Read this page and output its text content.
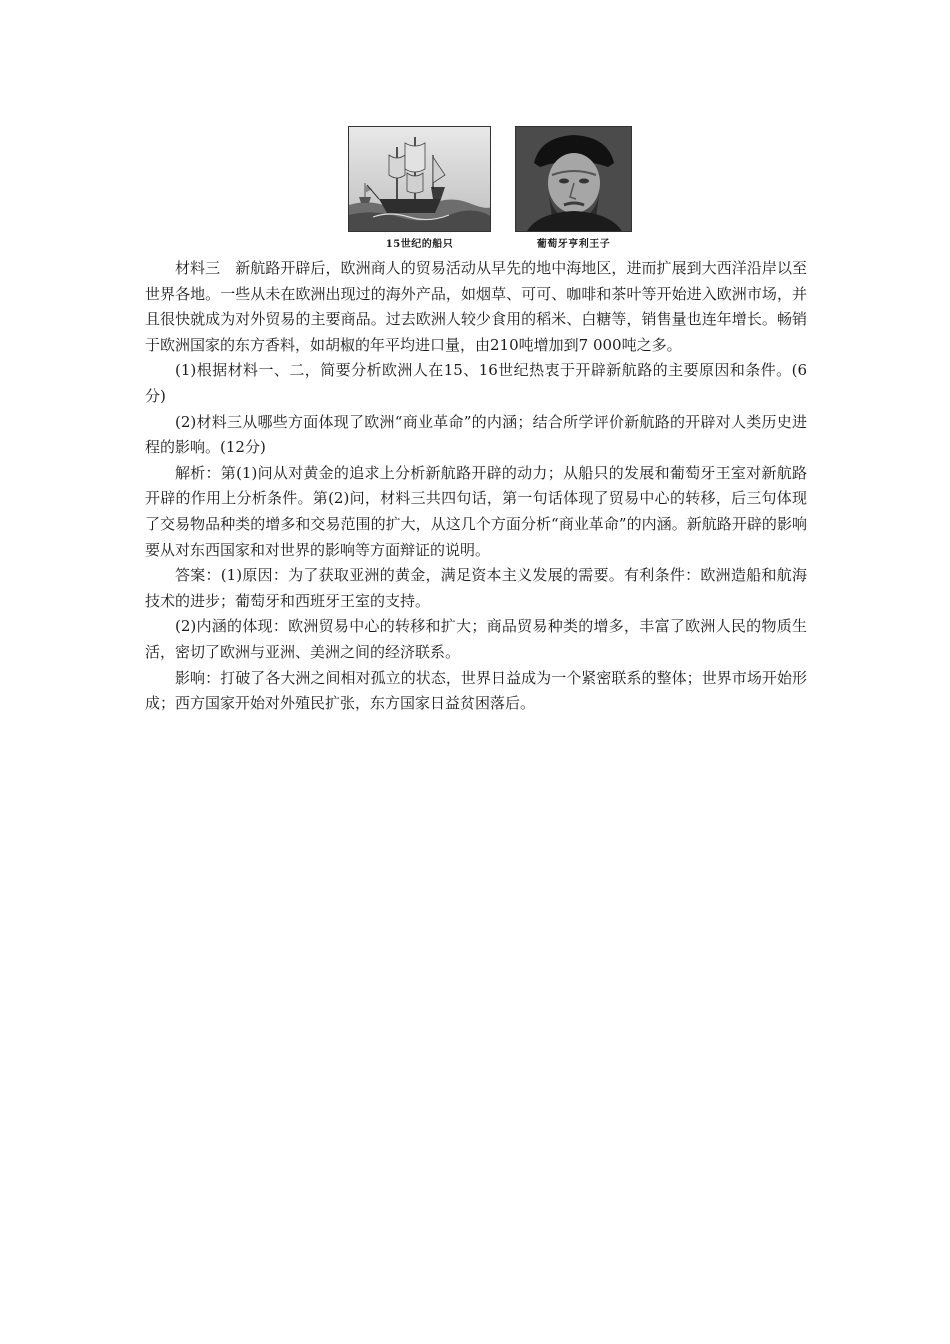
15世纪的船只	葡萄牙亨利王子

材料三　新航路开辟后，欧洲商人的贸易活动从早先的地中海地区，进而扩展到大西洋沿岸以至世界各地。一些从未在欧洲出现过的海外产品，如烟草、可可、咖啡和茶叶等开始进入欧洲市场，并且很快就成为对外贸易的主要商品。过去欧洲人较少食用的稻米、白糖等，销售量也连年增长。畅销于欧洲国家的东方香料，如胡椒的年平均进口量，由210吨增加到7 000吨之多。

(1)根据材料一、二，简要分析欧洲人在15、16世纪热衷于开辟新航路的主要原因和条件。(6分)

(2)材料三从哪些方面体现了欧洲“商业革命”的内涵；结合所学评价新航路的开辟对人类历史进程的影响。(12分)

解析：第(1)问从对黄金的追求上分析新航路开辟的动力；从船只的发展和葡萄牙王室对新航路开辟的作用上分析条件。第(2)问，材料三共四句话，第一句话体现了贸易中心的转移，后三句体现了交易物品种类的增多和交易范围的扩大，从这几个方面分析“商业革命”的内涵。新航路开辟的影响要从对东西国家和对世界的影响等方面辩证的说明。

答案：(1)原因：为了获取亚洲的黄金，满足资本主义发展的需要。有利条件：欧洲造船和航海技术的进步；葡萄牙和西班牙王室的支持。

(2)内涵的体现：欧洲贸易中心的转移和扩大；商品贸易种类的增多，丰富了欧洲人民的物质生活，密切了欧洲与亚洲、美洲之间的经济联系。

影响：打破了各大洲之间相对孤立的状态，世界日益成为一个紧密联系的整体；世界市场开始形成；西方国家开始对外殖民扩张，东方国家日益贫困落后。
